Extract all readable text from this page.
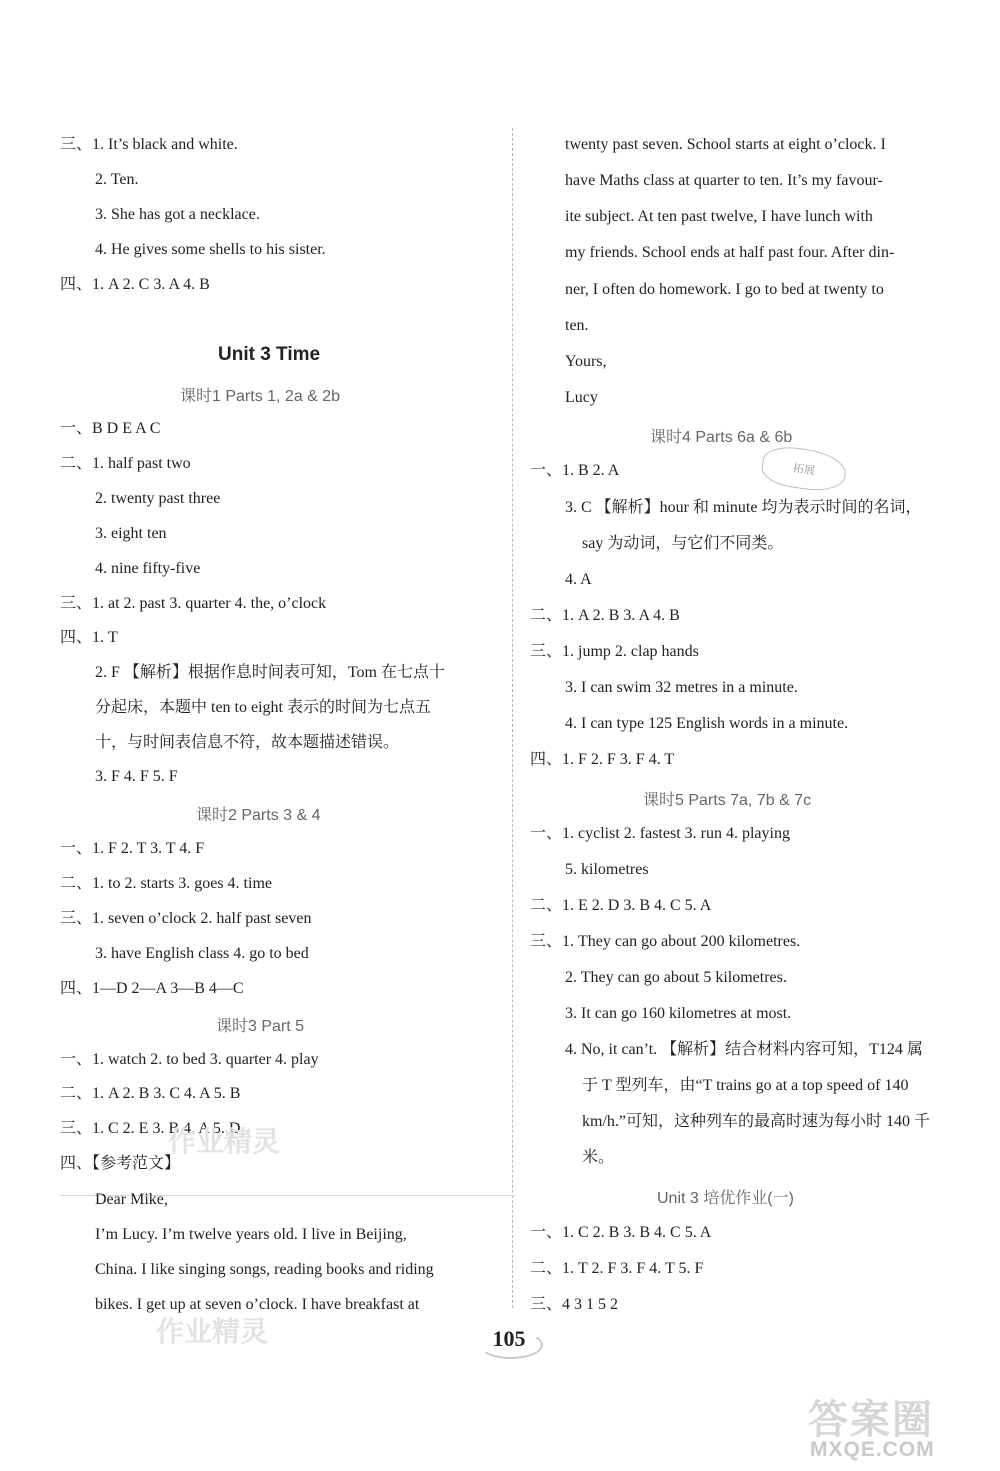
Unit 3 Time
三、1. It’s black and white.
2. Ten.
3. She has got a necklace.
4. He gives some shells to his sister.
四、1. A 2. C 3. A 4. B
一、B D E A C
二、1. half past two
2. twenty past three
3. eight ten
4. nine fifty-five
三、1. at 2. past 3. quarter 4. the, o’clock
四、1. T
2. F 【解析】根据作息时间表可知，Tom 在七点十
分起床，本题中 ten to eight 表示的时间为七点五
十，与时间表信息不符，故本题描述错误。
3. F 4. F 5. F
一、1. F 2. T 3. T 4. F
二、1. to 2. starts 3. goes 4. time
三、1. seven o’clock 2. half past seven
3. have English class 4. go to bed
四、1—D 2—A 3—B 4—C
一、1. watch 2. to bed 3. quarter 4. play
二、1. A 2. B 3. C 4. A 5. B
三、1. C 2. E 3. B 4. A 5. D
四、【参考范文】
Dear Mike,
I’m Lucy. I’m twelve years old. I live in Beijing,
China. I like singing songs, reading books and riding
bikes. I get up at seven o’clock. I have breakfast at
twenty past seven. School starts at eight o’clock. I
have Maths class at quarter to ten. It’s my favour-
ite subject. At ten past twelve, I have lunch with
my friends. School ends at half past four. After din-
ner, I often do homework. I go to bed at twenty to
ten.
Yours,
Lucy
一、1. B 2. A
3. C 【解析】hour 和 minute 均为表示时间的名词，
say 为动词，与它们不同类。
4. A
二、1. A 2. B 3. A 4. B
三、1. jump 2. clap hands
3. I can swim 32 metres in a minute.
4. I can type 125 English words in a minute.
四、1. F 2. F 3. F 4. T
一、1. cyclist 2. fastest 3. run 4. playing
5. kilometres
二、1. E 2. D 3. B 4. C 5. A
三、1. They can go about 200 kilometres.
2. They can go about 5 kilometres.
3. It can go 160 kilometres at most.
4. No, it can’t. 【解析】结合材料内容可知，T124 属
于 T 型列车，由“T trains go at a top speed of 140
km/h.”可知，这种列车的最高时速为每小时 140 千
米。
一、1. C 2. B 3. B 4. C 5. A
二、1. T 2. F 3. F 4. T 5. F
三、4 3 1 5 2
课时1 Parts 1, 2a & 2b
课时2 Parts 3 & 4
课时3 Part 5
课时4 Parts 6a & 6b
课时5 Parts 7a, 7b & 7c
Unit 3 培优作业(一)
拓展
作业精灵
作业精灵	105
答案圈
MXQE.COM
